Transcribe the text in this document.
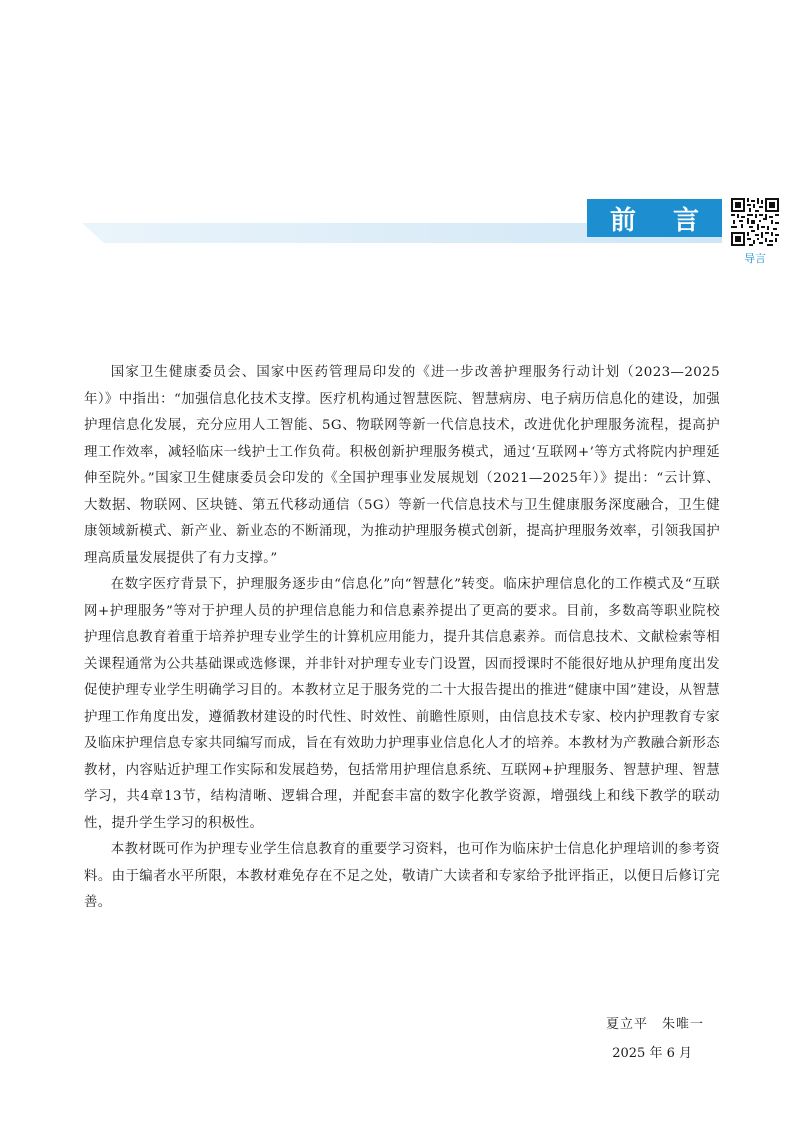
前 言
导言

国家卫生健康委员会、国家中医药管理局印发的《进一步改善护理服务行动计划（2023—2025年）》中指出：“加强信息化技术支撑。医疗机构通过智慧医院、智慧病房、电子病历信息化的建设，加强护理信息化发展，充分应用人工智能、5G、物联网等新一代信息技术，改进优化护理服务流程，提高护理工作效率，减轻临床一线护士工作负荷。积极创新护理服务模式，通过‘互联网+’等方式将院内护理延伸至院外。”国家卫生健康委员会印发的《全国护理事业发展规划（2021—2025年）》提出：“云计算、大数据、物联网、区块链、第五代移动通信（5G）等新一代信息技术与卫生健康服务深度融合，卫生健康领域新模式、新产业、新业态的不断涌现，为推动护理服务模式创新，提高护理服务效率，引领我国护理高质量发展提供了有力支撑。”

在数字医疗背景下，护理服务逐步由“信息化”向“智慧化”转变。临床护理信息化的工作模式及“互联网+护理服务”等对于护理人员的护理信息能力和信息素养提出了更高的要求。目前，多数高等职业院校护理信息教育着重于培养护理专业学生的计算机应用能力，提升其信息素养。而信息技术、文献检索等相关课程通常为公共基础课或选修课，并非针对护理专业专门设置，因而授课时不能很好地从护理角度出发促使护理专业学生明确学习目的。本教材立足于服务党的二十大报告提出的推进“健康中国”建设，从智慧护理工作角度出发，遵循教材建设的时代性、时效性、前瞻性原则，由信息技术专家、校内护理教育专家及临床护理信息专家共同编写而成，旨在有效助力护理事业信息化人才的培养。本教材为产教融合新形态教材，内容贴近护理工作实际和发展趋势，包括常用护理信息系统、互联网+护理服务、智慧护理、智慧学习，共4章13节，结构清晰、逻辑合理，并配套丰富的数字化教学资源，增强线上和线下教学的联动性，提升学生学习的积极性。

本教材既可作为护理专业学生信息教育的重要学习资料，也可作为临床护士信息化护理培训的参考资料。由于编者水平所限，本教材难免存在不足之处，敬请广大读者和专家给予批评指正，以便日后修订完善。

夏立平　朱唯一
2025 年 6 月
